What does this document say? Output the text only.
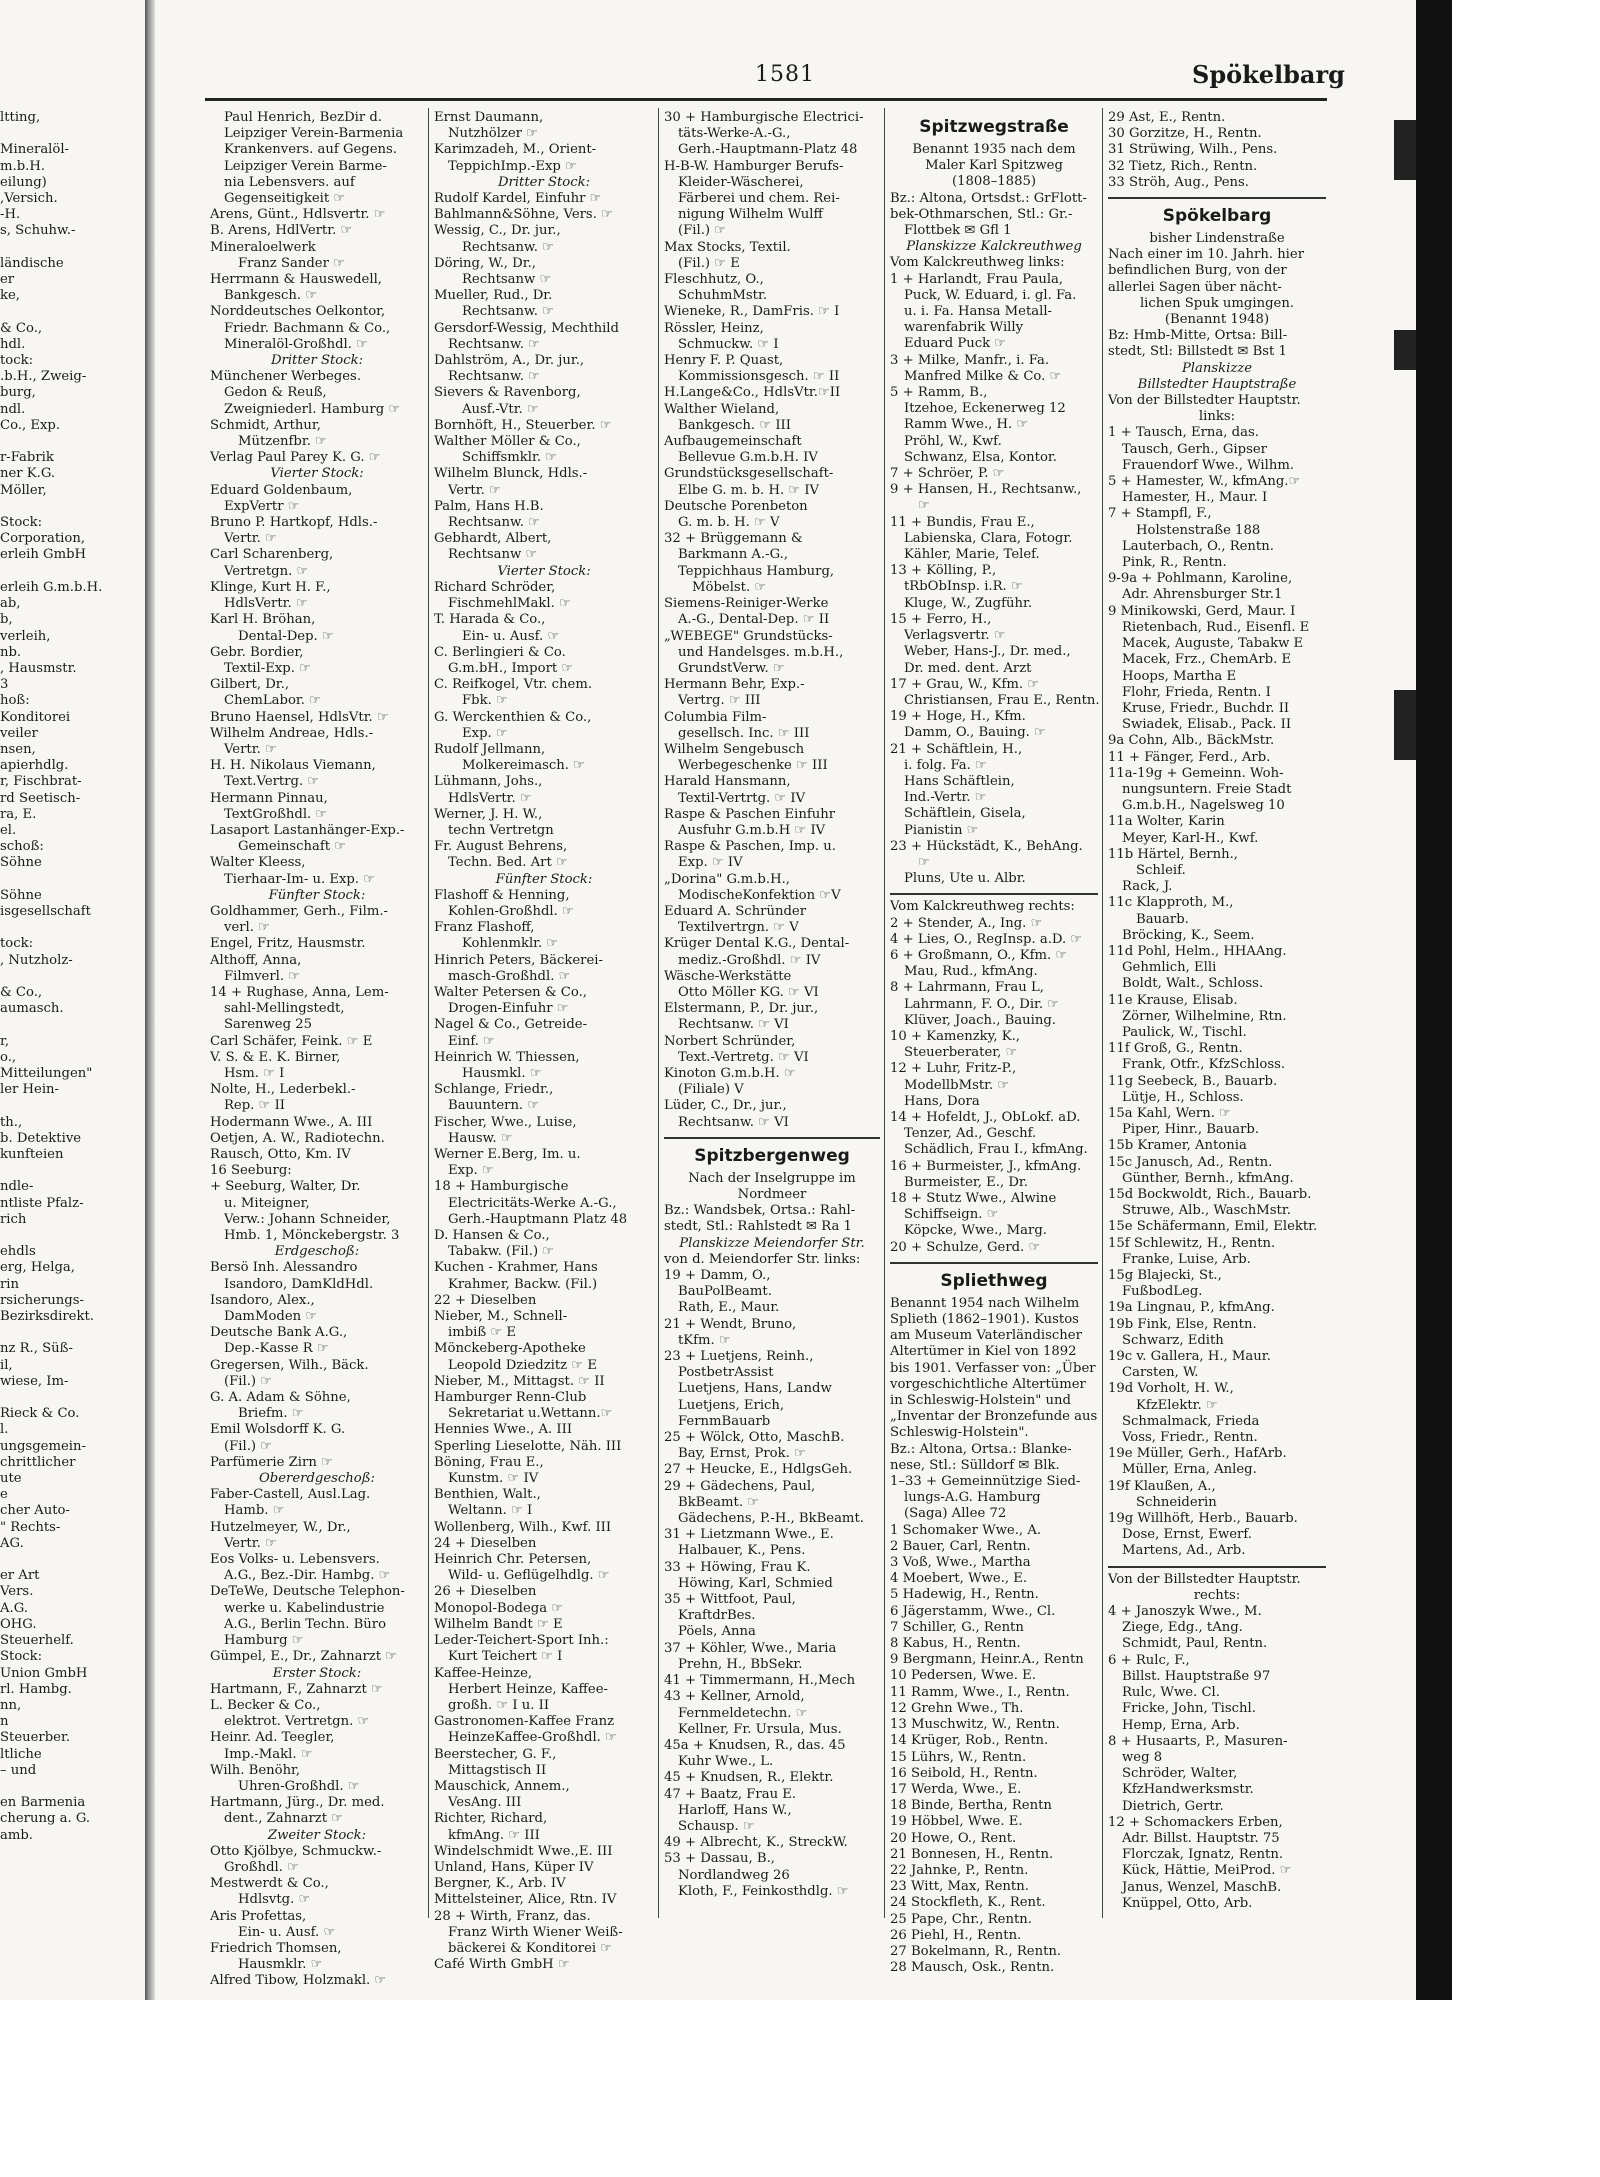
ltting,

Mineralöl-
m.b.H.
eilung)
,Versich.
-H.
s, Schuhw.-

ländische
er
ke,

& Co.,
hdl.
tock:
.b.H., Zweig-
burg,
ndl.
Co., Exp.

r-Fabrik
ner K.G.
Möller,

Stock:
Corporation,
erleih GmbH

erleih G.m.b.H.
ab,
b,
verleih,
nb.
, Hausmstr.
3
hoß:
Konditorei
veiler
nsen,
apierhdlg.
r, Fischbrat-
rd Seetisch-
ra, E.
el.
schoß:
Söhne

Söhne
isgesellschaft

tock:
, Nutzholz-

& Co.,
aumasch.

r,
o.,
Mitteilungen"
ler Hein-

th.,
b. Detektive
kunfteien

ndle-
ntliste Pfalz-
rich

ehdls
erg, Helga,
rin
rsicherungs-
Bezirksdirekt.

nz R., Süß-
il,
wiese, Im-

Rieck & Co.
l.
ungsgemein-
chrittlicher
ute
e
cher Auto-
" Rechts-
AG.

er Art
Vers.
A.G.
OHG.
Steuerhelf.
Stock:
Union GmbH
rl. Hambg.
nn,
n
Steuerber.
ltliche
– und

en Barmenia
cherung a. G.
amb.
1581	Spökelbarg
Paul Henrich, BezDir d.
Leipziger Verein-Barmenia
Krankenvers. auf Gegens.
Leipziger Verein Barme-
nia Lebensvers. auf
Gegenseitigkeit ☞
Arens, Günt., Hdlsvertr. ☞
B. Arens, HdlVertr. ☞
Mineraloelwerk
Franz Sander ☞
Herrmann & Hauswedell,
Bankgesch. ☞
Norddeutsches Oelkontor,
Friedr. Bachmann & Co.,
Mineralöl-Großhdl. ☞
Dritter Stock:
Münchener Werbeges.
Gedon & Reuß,
Zweigniederl. Hamburg ☞
Schmidt, Arthur,
Mützenfbr. ☞
Verlag Paul Parey K. G. ☞
Vierter Stock:
Eduard Goldenbaum,
ExpVertr ☞
Bruno P. Hartkopf, Hdls.-
Vertr. ☞
Carl Scharenberg,
Vertretgn. ☞
Klinge, Kurt H. F.,
HdlsVertr. ☞
Karl H. Bröhan,
Dental-Dep. ☞
Gebr. Bordier,
Textil-Exp. ☞
Gilbert, Dr.,
ChemLabor. ☞
Bruno Haensel, HdlsVtr. ☞
Wilhelm Andreae, Hdls.-
Vertr. ☞
H. H. Nikolaus Viemann,
Text.Vertrg. ☞
Hermann Pinnau,
TextGroßhdl. ☞
Lasaport Lastanhänger-Exp.-
Gemeinschaft ☞
Walter Kleess,
Tierhaar-Im- u. Exp. ☞
Fünfter Stock:
Goldhammer, Gerh., Film.-
verl. ☞
Engel, Fritz, Hausmstr.
Althoff, Anna,
Filmverl. ☞
14 + Rughase, Anna, Lem-
sahl-Mellingstedt,
Sarenweg 25
Carl Schäfer, Feink. ☞ E
V. S. & E. K. Birner,
Hsm. ☞ I
Nolte, H., Lederbekl.-
Rep. ☞ II
Hodermann Wwe., A. III
Oetjen, A. W., Radiotechn.
Rausch, Otto, Km. IV
16 Seeburg:
+ Seeburg, Walter, Dr.
u. Miteigner,
Verw.: Johann Schneider,
Hmb. 1, Mönckebergstr. 3
Erdgeschoß:
Bersö Inh. Alessandro
Isandoro, DamKldHdl.
Isandoro, Alex.,
DamModen ☞
Deutsche Bank A.G.,
Dep.-Kasse R ☞
Gregersen, Wilh., Bäck.
(Fil.) ☞
G. A. Adam & Söhne,
Briefm. ☞
Emil Wolsdorff K. G.
(Fil.) ☞
Parfümerie Zirn ☞
Obererdgeschoß:
Faber-Castell, Ausl.Lag.
Hamb. ☞
Hutzelmeyer, W., Dr.,
Vertr. ☞
Eos Volks- u. Lebensvers.
A.G., Bez.-Dir. Hambg. ☞
DeTeWe, Deutsche Telephon-
werke u. Kabelindustrie
A.G., Berlin Techn. Büro
Hamburg ☞
Gümpel, E., Dr., Zahnarzt ☞
Erster Stock:
Hartmann, F., Zahnarzt ☞
L. Becker & Co.,
elektrot. Vertretgn. ☞
Heinr. Ad. Teegler,
Imp.-Makl. ☞
Wilh. Benöhr,
Uhren-Großhdl. ☞
Hartmann, Jürg., Dr. med.
dent., Zahnarzt ☞
Zweiter Stock:
Otto Kjölbye, Schmuckw.-
Großhdl. ☞
Mestwerdt & Co.,
Hdlsvtg. ☞
Aris Profettas,
Ein- u. Ausf. ☞
Friedrich Thomsen,
Hausmklr. ☞
Alfred Tibow, Holzmakl. ☞
Ernst Daumann,
Nutzhölzer ☞
Karimzadeh, M., Orient-
TeppichImp.-Exp ☞
Dritter Stock:
Rudolf Kardel, Einfuhr ☞
Bahlmann&Söhne, Vers. ☞
Wessig, C., Dr. jur.,
Rechtsanw. ☞
Döring, W., Dr.,
Rechtsanw ☞
Mueller, Rud., Dr.
Rechtsanw. ☞
Gersdorf-Wessig, Mechthild
Rechtsanw. ☞
Dahlström, A., Dr. jur.,
Rechtsanw. ☞
Sievers & Ravenborg,
Ausf.-Vtr. ☞
Bornhöft, H., Steuerber. ☞
Walther Möller & Co.,
Schiffsmklr. ☞
Wilhelm Blunck, Hdls.-
Vertr. ☞
Palm, Hans H.B.
Rechtsanw. ☞
Gebhardt, Albert,
Rechtsanw ☞
Vierter Stock:
Richard Schröder,
FischmehlMakl. ☞
T. Harada & Co.,
Ein- u. Ausf. ☞
C. Berlingieri & Co.
G.m.bH., Import ☞
C. Reifkogel, Vtr. chem.
Fbk. ☞
G. Werckenthien & Co.,
Exp. ☞
Rudolf Jellmann,
Molkereimasch. ☞
Lühmann, Johs.,
HdlsVertr. ☞
Werner, J. H. W.,
techn Vertretgn
Fr. August Behrens,
Techn. Bed. Art ☞
Fünfter Stock:
Flashoff & Henning,
Kohlen-Großhdl. ☞
Franz Flashoff,
Kohlenmklr. ☞
Hinrich Peters, Bäckerei-
masch-Großhdl. ☞
Walter Petersen & Co.,
Drogen-Einfuhr ☞
Nagel & Co., Getreide-
Einf. ☞
Heinrich W. Thiessen,
Hausmkl. ☞
Schlange, Friedr.,
Bauuntern. ☞
Fischer, Wwe., Luise,
Hausw. ☞
Werner E.Berg, Im. u.
Exp. ☞
18 + Hamburgische
Electricitäts-Werke A.-G.,
Gerh.-Hauptmann Platz 48
D. Hansen & Co.,
Tabakw. (Fil.) ☞
Kuchen - Krahmer, Hans
Krahmer, Backw. (Fil.)
22 + Dieselben
Nieber, M., Schnell-
imbiß ☞ E
Mönckeberg-Apotheke
Leopold Dziedzitz ☞ E
Nieber, M., Mittagst. ☞ II
Hamburger Renn-Club
Sekretariat u.Wettann.☞
Hennies Wwe., A. III
Sperling Lieselotte, Näh. III
Böning, Frau E.,
Kunstm. ☞ IV
Benthien, Walt.,
Weltann. ☞ I
Wollenberg, Wilh., Kwf. III
24 + Dieselben
Heinrich Chr. Petersen,
Wild- u. Geflügelhdlg. ☞
26 + Dieselben
Monopol-Bodega ☞
Wilhelm Bandt ☞ E
Leder-Teichert-Sport Inh.:
Kurt Teichert ☞ I
Kaffee-Heinze,
Herbert Heinze, Kaffee-
großh. ☞ I u. II
Gastronomen-Kaffee Franz
HeinzeKaffee-Großhdl. ☞
Beerstecher, G. F.,
Mittagstisch II
Mauschick, Annem.,
VesAng. III
Richter, Richard,
kfmAng. ☞ III
Windelschmidt Wwe.,E. III
Unland, Hans, Küper IV
Bergner, K., Arb. IV
Mittelsteiner, Alice, Rtn. IV
28 + Wirth, Franz, das.
Franz Wirth Wiener Weiß-
bäckerei & Konditorei ☞
Café Wirth GmbH ☞
30 + Hamburgische Electrici-
täts-Werke-A.-G.,
Gerh.-Hauptmann-Platz 48
H-B-W. Hamburger Berufs-
Kleider-Wäscherei,
Färberei und chem. Rei-
nigung Wilhelm Wulff
(Fil.) ☞
Max Stocks, Textil.
(Fil.) ☞ E
Fleschhutz, O.,
SchuhmMstr.
Wieneke, R., DamFris. ☞ I
Rössler, Heinz,
Schmuckw. ☞ I
Henry F. P. Quast,
Kommissionsgesch. ☞ II
H.Lange&Co., HdlsVtr.☞II
Walther Wieland,
Bankgesch. ☞ III
Aufbaugemeinschaft
Bellevue G.m.b.H. IV
Grundstücksgesellschaft-
Elbe G. m. b. H. ☞ IV
Deutsche Porenbeton
G. m. b. H. ☞ V
32 + Brüggemann &
Barkmann A.-G.,
Teppichhaus Hamburg,
Möbelst. ☞
Siemens-Reiniger-Werke
A.-G., Dental-Dep. ☞ II
„WEBEGE" Grundstücks-
und Handelsges. m.b.H.,
GrundstVerw. ☞
Hermann Behr, Exp.-
Vertrg. ☞ III
Columbia Film-
gesellsch. Inc. ☞ III
Wilhelm Sengebusch
Werbegeschenke ☞ III
Harald Hansmann,
Textil-Vertrtg. ☞ IV
Raspe & Paschen Einfuhr
Ausfuhr G.m.b.H ☞ IV
Raspe & Paschen, Imp. u.
Exp. ☞ IV
„Dorina" G.m.b.H.,
ModischeKonfektion ☞V
Eduard A. Schründer
Textilvertrgn. ☞ V
Krüger Dental K.G., Dental-
mediz.-Großhdl. ☞ IV
Wäsche-Werkstätte
Otto Möller KG. ☞ VI
Elstermann, P., Dr. jur.,
Rechtsanw. ☞ VI
Norbert Schründer,
Text.-Vertretg. ☞ VI
Kinoton G.m.b.H. ☞
(Filiale) V
Lüder, C., Dr., jur.,
Rechtsanw. ☞ VI
Spitzbergenweg
Nach der Inselgruppe im
Nordmeer
Bz.: Wandsbek, Ortsa.: Rahl-
stedt, Stl.: Rahlstedt ✉ Ra 1
Planskizze Meiendorfer Str.
von d. Meiendorfer Str. links:
19 + Damm, O.,
BauPolBeamt.
Rath, E., Maur.
21 + Wendt, Bruno,
tKfm. ☞
23 + Luetjens, Reinh.,
PostbetrAssist
Luetjens, Hans, Landw
Luetjens, Erich,
FernmBauarb
25 + Wölck, Otto, MaschB.
Bay, Ernst, Prok. ☞
27 + Heucke, E., HdlgsGeh.
29 + Gädechens, Paul,
BkBeamt. ☞
Gädechens, P.-H., BkBeamt.
31 + Lietzmann Wwe., E.
Halbauer, K., Pens.
33 + Höwing, Frau K.
Höwing, Karl, Schmied
35 + Wittfoot, Paul,
KraftdrBes.
Pöels, Anna
37 + Köhler, Wwe., Maria
Prehn, H., BbSekr.
41 + Timmermann, H.,Mech
43 + Kellner, Arnold,
Fernmeldetechn. ☞
Kellner, Fr. Ursula, Mus.
45a + Knudsen, R., das. 45
Kuhr Wwe., L.
45 + Knudsen, R., Elektr.
47 + Baatz, Frau E.
Harloff, Hans W.,
Schausp. ☞
49 + Albrecht, K., StreckW.
53 + Dassau, B.,
Nordlandweg 26
Kloth, F., Feinkosthdlg. ☞
Spitzwegstraße
Benannt 1935 nach dem
Maler Karl Spitzweg
(1808–1885)
Bz.: Altona, Ortsdst.: GrFlott-
bek-Othmarschen, Stl.: Gr.-
Flottbek ✉ Gfl 1
Planskizze Kalckreuthweg
Vom Kalckreuthweg links:
1 + Harlandt, Frau Paula,
Puck, W. Eduard, i. gl. Fa.
u. i. Fa. Hansa Metall-
warenfabrik Willy
Eduard Puck ☞
3 + Milke, Manfr., i. Fa.
Manfred Milke & Co. ☞
5 + Ramm, B.,
Itzehoe, Eckenerweg 12
Ramm Wwe., H. ☞
Pröhl, W., Kwf.
Schwanz, Elsa, Kontor.
7 + Schröer, P. ☞
9 + Hansen, H., Rechtsanw.,
☞
11 + Bundis, Frau E.,
Labienska, Clara, Fotogr.
Kähler, Marie, Telef.
13 + Kölling, P.,
tRbObInsp. i.R. ☞
Kluge, W., Zugführ.
15 + Ferro, H.,
Verlagsvertr. ☞
Weber, Hans-J., Dr. med.,
Dr. med. dent. Arzt
17 + Grau, W., Kfm. ☞
Christiansen, Frau E., Rentn.
19 + Hoge, H., Kfm.
Damm, O., Bauing. ☞
21 + Schäftlein, H.,
i. folg. Fa. ☞
Hans Schäftlein,
Ind.-Vertr. ☞
Schäftlein, Gisela,
Pianistin ☞
23 + Hückstädt, K., BehAng.
☞
Pluns, Ute u. Albr.
Vom Kalckreuthweg rechts:
2 + Stender, A., Ing. ☞
4 + Lies, O., RegInsp. a.D. ☞
6 + Großmann, O., Kfm. ☞
Mau, Rud., kfmAng.
8 + Lahrmann, Frau L,
Lahrmann, F. O., Dir. ☞
Klüver, Joach., Bauing.
10 + Kamenzky, K.,
Steuerberater, ☞
12 + Luhr, Fritz-P.,
ModellbMstr. ☞
Hans, Dora
14 + Hofeldt, J., ObLokf. aD.
Tenzer, Ad., Geschf.
Schädlich, Frau I., kfmAng.
16 + Burmeister, J., kfmAng.
Burmeister, E., Dr.
18 + Stutz Wwe., Alwine
Schiffseign. ☞
Köpcke, Wwe., Marg.
20 + Schulze, Gerd. ☞
Spliethweg
Benannt 1954 nach Wilhelm
Splieth (1862–1901). Kustos
am Museum Vaterländischer
Altertümer in Kiel von 1892
bis 1901. Verfasser von: „Über
vorgeschichtliche Altertümer
in Schleswig-Holstein" und
„Inventar der Bronzefunde aus
Schleswig-Holstein".
Bz.: Altona, Ortsa.: Blanke-
nese, Stl.: Sülldorf ✉ Blk.
1–33 + Gemeinnützige Sied-
lungs-A.G. Hamburg
(Saga) Allee 72
1 Schomaker Wwe., A.
2 Bauer, Carl, Rentn.
3 Voß, Wwe., Martha
4 Moebert, Wwe., E.
5 Hadewig, H., Rentn.
6 Jägerstamm, Wwe., Cl.
7 Schiller, G., Rentn
8 Kabus, H., Rentn.
9 Bergmann, Heinr.A., Rentn
10 Pedersen, Wwe. E.
11 Ramm, Wwe., I., Rentn.
12 Grehn Wwe., Th.
13 Muschwitz, W., Rentn.
14 Krüger, Rob., Rentn.
15 Lührs, W., Rentn.
16 Seibold, H., Rentn.
17 Werda, Wwe., E.
18 Binde, Bertha, Rentn
19 Höbbel, Wwe. E.
20 Howe, O., Rent.
21 Bonnesen, H., Rentn.
22 Jahnke, P., Rentn.
23 Witt, Max, Rentn.
24 Stockfleth, K., Rent.
25 Pape, Chr., Rentn.
26 Piehl, H., Rentn.
27 Bokelmann, R., Rentn.
28 Mausch, Osk., Rentn.
29 Ast, E., Rentn.
30 Gorzitze, H., Rentn.
31 Strüwing, Wilh., Pens.
32 Tietz, Rich., Rentn.
33 Ströh, Aug., Pens.
Spökelbarg
bisher Lindenstraße
Nach einer im 10. Jahrh. hier
befindlichen Burg, von der
allerlei Sagen über nächt-
lichen Spuk umgingen.
(Benannt 1948)
Bz: Hmb-Mitte, Ortsa: Bill-
stedt, Stl: Billstedt ✉ Bst 1
Planskizze
Billstedter Hauptstraße
Von der Billstedter Hauptstr.
links:
1 + Tausch, Erna, das.
Tausch, Gerh., Gipser
Frauendorf Wwe., Wilhm.
5 + Hamester, W., kfmAng.☞
Hamester, H., Maur. I
7 + Stampfl, F.,
Holstenstraße 188
Lauterbach, O., Rentn.
Pink, R., Rentn.
9-9a + Pohlmann, Karoline,
Adr. Ahrensburger Str.1
9 Minikowski, Gerd, Maur. I
Rietenbach, Rud., Eisenfl. E
Macek, Auguste, Tabakw E
Macek, Frz., ChemArb. E
Hoops, Martha E
Flohr, Frieda, Rentn. I
Kruse, Friedr., Buchdr. II
Swiadek, Elisab., Pack. II
9a Cohn, Alb., BäckMstr.
11 + Fänger, Ferd., Arb.
11a-19g + Gemeinn. Woh-
nungsuntern. Freie Stadt
G.m.b.H., Nagelsweg 10
11a Wolter, Karin
Meyer, Karl-H., Kwf.
11b Härtel, Bernh.,
Schleif.
Rack, J.
11c Klapproth, M.,
Bauarb.
Bröcking, K., Seem.
11d Pohl, Helm., HHAAng.
Gehmlich, Elli
Boldt, Walt., Schloss.
11e Krause, Elisab.
Zörner, Wilhelmine, Rtn.
Paulick, W., Tischl.
11f Groß, G., Rentn.
Frank, Otfr., KfzSchloss.
11g Seebeck, B., Bauarb.
Lütje, H., Schloss.
15a Kahl, Wern. ☞
Piper, Hinr., Bauarb.
15b Kramer, Antonia
15c Janusch, Ad., Rentn.
Günther, Bernh., kfmAng.
15d Bockwoldt, Rich., Bauarb.
Struwe, Alb., WaschMstr.
15e Schäfermann, Emil, Elektr.
15f Schlewitz, H., Rentn.
Franke, Luise, Arb.
15g Blajecki, St.,
FußbodLeg.
19a Lingnau, P., kfmAng.
19b Fink, Else, Rentn.
Schwarz, Edith
19c v. Gallera, H., Maur.
Carsten, W.
19d Vorholt, H. W.,
KfzElektr. ☞
Schmalmack, Frieda
Voss, Friedr., Rentn.
19e Müller, Gerh., HafArb.
Müller, Erna, Anleg.
19f Klaußen, A.,
Schneiderin
19g Willhöft, Herb., Bauarb.
Dose, Ernst, Ewerf.
Martens, Ad., Arb.
Von der Billstedter Hauptstr.
rechts:
4 + Janoszyk Wwe., M.
Ziege, Edg., tAng.
Schmidt, Paul, Rentn.
6 + Rulc, F.,
Billst. Hauptstraße 97
Rulc, Wwe. Cl.
Fricke, John, Tischl.
Hemp, Erna, Arb.
8 + Husaarts, P., Masuren-
weg 8
Schröder, Walter,
KfzHandwerksmstr.
Dietrich, Gertr.
12 + Schomackers Erben,
Adr. Billst. Hauptstr. 75
Florczak, Ignatz, Rentn.
Kück, Hättie, MeiProd. ☞
Janus, Wenzel, MaschB.
Knüppel, Otto, Arb.
